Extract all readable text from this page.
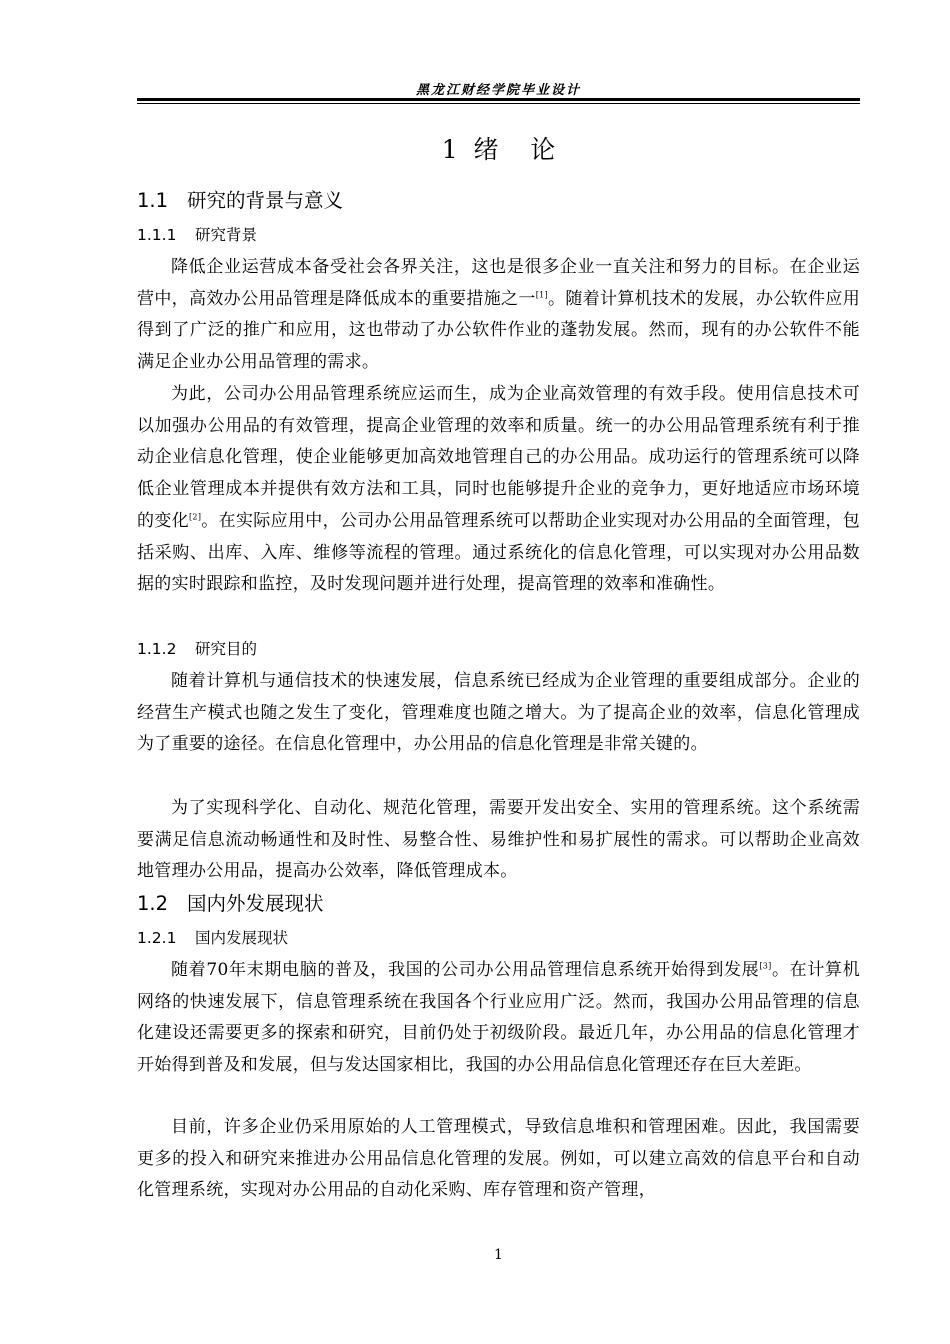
黑龙江财经学院毕业设计
1  绪    论
1.1 研究的背景与意义
1.1.1 研究背景

降低企业运营成本备受社会各界关注，这也是很多企业一直关注和努力的目标。在企业运营中，高效办公用品管理是降低成本的重要措施之一[1]。随着计算机技术的发展，办公软件应用得到了广泛的推广和应用，这也带动了办公软件作业的蓬勃发展。然而，现有的办公软件不能满足企业办公用品管理的需求。

为此，公司办公用品管理系统应运而生，成为企业高效管理的有效手段。使用信息技术可以加强办公用品的有效管理，提高企业管理的效率和质量。统一的办公用品管理系统有利于推动企业信息化管理，使企业能够更加高效地管理自己的办公用品。成功运行的管理系统可以降低企业管理成本并提供有效方法和工具，同时也能够提升企业的竞争力，更好地适应市场环境的变化[2]。在实际应用中，公司办公用品管理系统可以帮助企业实现对办公用品的全面管理，包括采购、出库、入库、维修等流程的管理。通过系统化的信息化管理，可以实现对办公用品数据的实时跟踪和监控，及时发现问题并进行处理，提高管理的效率和准确性。

1.1.2 研究目的

随着计算机与通信技术的快速发展，信息系统已经成为企业管理的重要组成部分。企业的经营生产模式也随之发生了变化，管理难度也随之增大。为了提高企业的效率，信息化管理成为了重要的途径。在信息化管理中，办公用品的信息化管理是非常关键的。

为了实现科学化、自动化、规范化管理，需要开发出安全、实用的管理系统。这个系统需要满足信息流动畅通性和及时性、易整合性、易维护性和易扩展性的需求。可以帮助企业高效地管理办公用品，提高办公效率，降低管理成本。

1.2 国内外发展现状
1.2.1 国内发展现状

随着70年末期电脑的普及，我国的公司办公用品管理信息系统开始得到发展[3]。在计算机网络的快速发展下，信息管理系统在我国各个行业应用广泛。然而，我国办公用品管理的信息化建设还需要更多的探索和研究，目前仍处于初级阶段。最近几年，办公用品的信息化管理才开始得到普及和发展，但与发达国家相比，我国的办公用品信息化管理还存在巨大差距。

目前，许多企业仍采用原始的人工管理模式，导致信息堆积和管理困难。因此，我国需要更多的投入和研究来推进办公用品信息化管理的发展。例如，可以建立高效的信息平台和自动化管理系统，实现对办公用品的自动化采购、库存管理和资产管理，

1
